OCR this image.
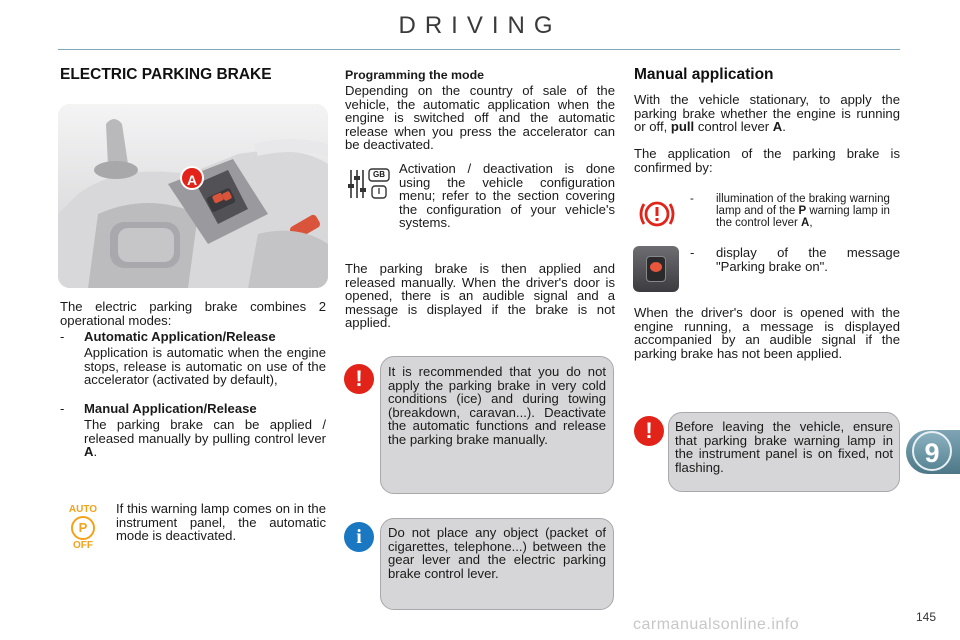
DRIVING
ELECTRIC PARKING BRAKE
A
The electric parking brake combines 2 operational modes:
- Automatic Application/Release
Application is automatic when the engine stops, release is automatic on use of the accelerator (activated by default),
- Manual Application/Release
The parking brake can be applied / released manually by pulling control lever A.
AUTO
P
OFF
If this warning lamp comes on in the instrument panel, the automatic mode is deactivated.
Programming the mode
Depending on the country of sale of the vehicle, the automatic application when the engine is switched off and the automatic release when you press the accelerator can be deactivated.
GB
I
Activation / deactivation is done using the vehicle configuration menu; refer to the section covering the configuration of your vehicle's systems.
The parking brake is then applied and released manually. When the driver's door is opened, there is an audible signal and a message is displayed if the brake is not applied.
!	It is recommended that you do not apply the parking brake in very cold conditions (ice) and during towing (breakdown, caravan...). Deactivate the automatic functions and release the parking brake manually.
i	Do not place any object (packet of cigarettes, telephone...) between the gear lever and the electric parking brake control lever.
Manual application
With the vehicle stationary, to apply the parking brake whether the engine is running or off, pull control lever A.
The application of the parking brake is confirmed by:
- illumination of the braking warning lamp and of the P warning lamp in the control lever A,
- display of the message "Parking brake on".
When the driver's door is opened with the engine running, a message is displayed accompanied by an audible signal if the parking brake has not been applied.
!	Before leaving the vehicle, ensure that parking brake warning lamp in the instrument panel is on fixed, not flashing.	9
145
carmanualsonline.info
